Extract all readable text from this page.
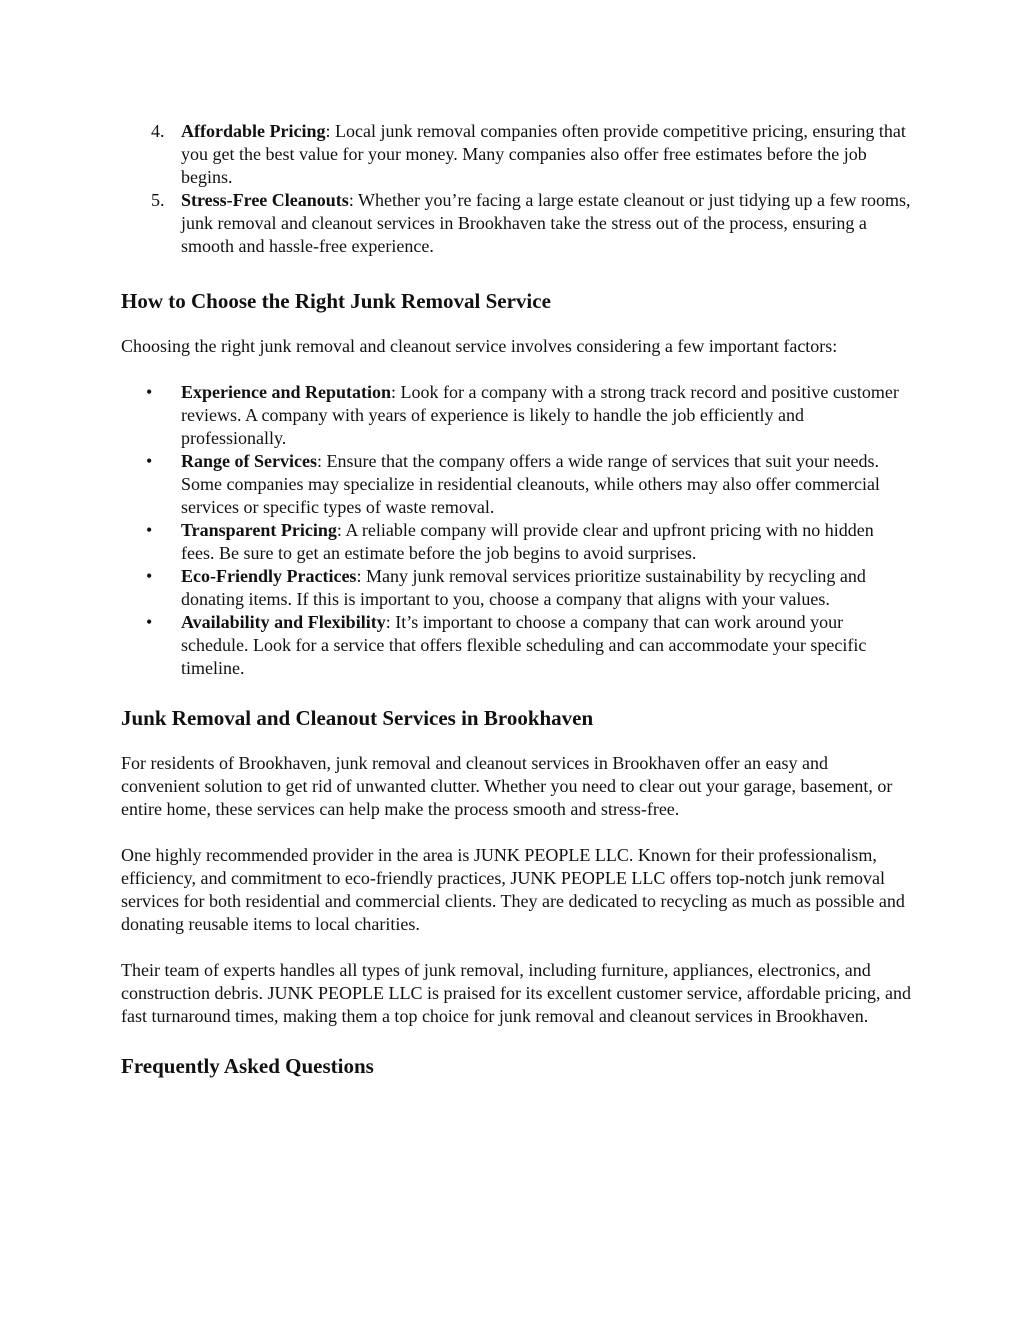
4. Affordable Pricing: Local junk removal companies often provide competitive pricing, ensuring that you get the best value for your money. Many companies also offer free estimates before the job begins.
5. Stress-Free Cleanouts: Whether you’re facing a large estate cleanout or just tidying up a few rooms, junk removal and cleanout services in Brookhaven take the stress out of the process, ensuring a smooth and hassle-free experience.
How to Choose the Right Junk Removal Service

Choosing the right junk removal and cleanout service involves considering a few important factors:

• Experience and Reputation: Look for a company with a strong track record and positive customer reviews. A company with years of experience is likely to handle the job efficiently and professionally.
• Range of Services: Ensure that the company offers a wide range of services that suit your needs. Some companies may specialize in residential cleanouts, while others may also offer commercial services or specific types of waste removal.
• Transparent Pricing: A reliable company will provide clear and upfront pricing with no hidden fees. Be sure to get an estimate before the job begins to avoid surprises.
• Eco-Friendly Practices: Many junk removal services prioritize sustainability by recycling and donating items. If this is important to you, choose a company that aligns with your values.
• Availability and Flexibility: It’s important to choose a company that can work around your schedule. Look for a service that offers flexible scheduling and can accommodate your specific timeline.
Junk Removal and Cleanout Services in Brookhaven

For residents of Brookhaven, junk removal and cleanout services in Brookhaven offer an easy and convenient solution to get rid of unwanted clutter. Whether you need to clear out your garage, basement, or entire home, these services can help make the process smooth and stress-free.

One highly recommended provider in the area is JUNK PEOPLE LLC. Known for their professionalism, efficiency, and commitment to eco-friendly practices, JUNK PEOPLE LLC offers top-notch junk removal services for both residential and commercial clients. They are dedicated to recycling as much as possible and donating reusable items to local charities.

Their team of experts handles all types of junk removal, including furniture, appliances, electronics, and construction debris. JUNK PEOPLE LLC is praised for its excellent customer service, affordable pricing, and fast turnaround times, making them a top choice for junk removal and cleanout services in Brookhaven.

Frequently Asked Questions
